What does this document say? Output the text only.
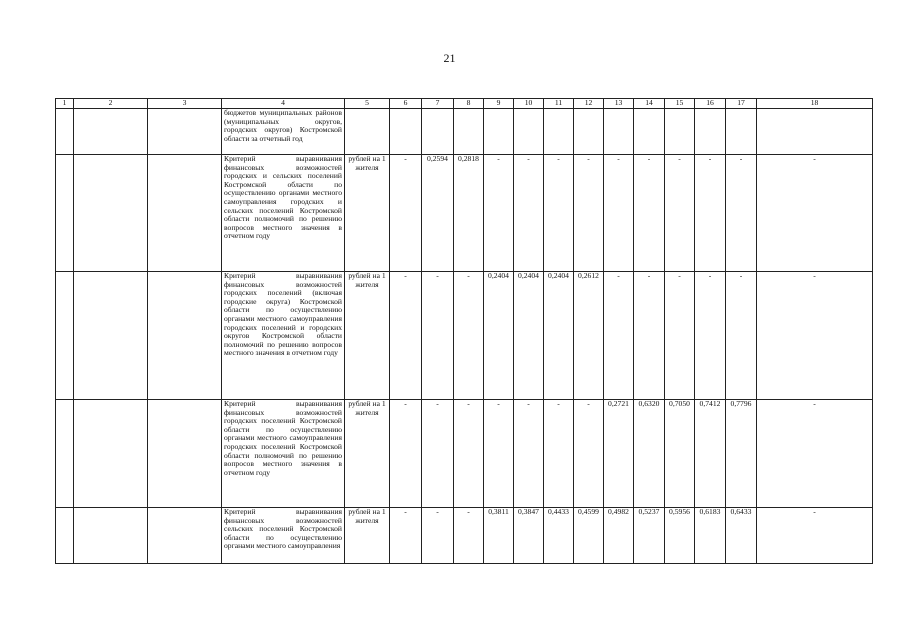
21
1	2	3	4	5	6	7	8	9	10	11	12	13	14	15	16	17	18
			бюджетов муниципальных районов (муниципальных округов, городских округов) Костромской области за отчетный год														
			Критерий выравнивания финансовых возможностей городских и сельских поселений Костромской области по осуществлению органами местного самоуправления городских и сельских поселений Костромской области полномочий по решению вопросов местного значения в отчетном году	рублей на 1 жителя	-	0,2594	0,2818	-	-	-	-	-	-	-	-	-	-
			Критерий выравнивания финансовых возможностей городских поселений (включая городские округа) Костромской области по осуществлению органами местного самоуправления городских поселений и городских округов Костромской области полномочий по решению вопросов местного значения в отчетном году	рублей на 1 жителя	-	-	-	0,2404	0,2404	0,2404	0,2612	-	-	-	-	-	-
			Критерий выравнивания финансовых возможностей городских поселений Костромской области по осуществлению органами местного самоуправления городских поселений Костромской области полномочий по решению вопросов местного значения в отчетном году	рублей на 1 жителя	-	-	-	-	-	-	-	0,2721	0,6320	0,7050	0,7412	0,7796	-
			Критерий выравнивания финансовых возможностей сельских поселений Костромской области по осуществлению органами местного самоуправления	рублей на 1 жителя	-	-	-	0,3811	0,3847	0,4433	0,4599	0,4982	0,5237	0,5956	0,6183	0,6433	-
